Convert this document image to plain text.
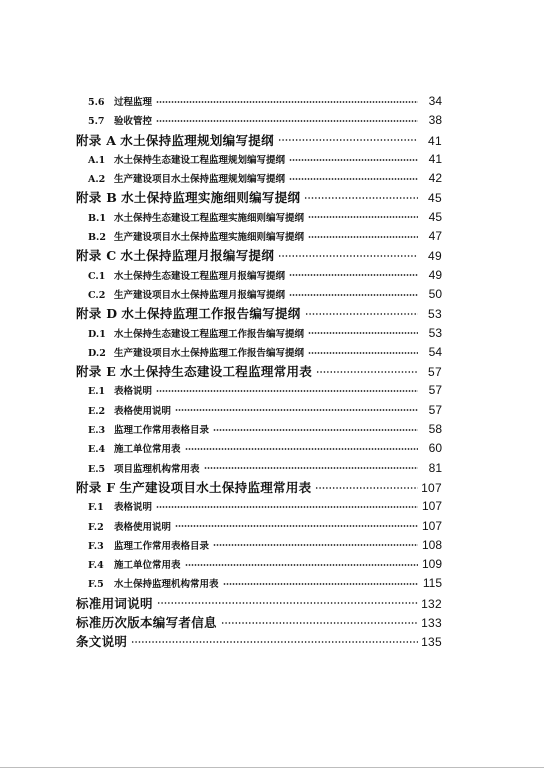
5.6 过程监理	34
5.7 验收管控	38
附录 A 水土保持监理规划编写提纲	41
A.1 水土保持生态建设工程监理规划编写提纲	41
A.2 生产建设项目水土保持监理规划编写提纲	42
附录 B 水土保持监理实施细则编写提纲	45
B.1 水土保持生态建设工程监理实施细则编写提纲	45
B.2 生产建设项目水土保持监理实施细则编写提纲	47
附录 C 水土保持监理月报编写提纲	49
C.1 水土保持生态建设工程监理月报编写提纲	49
C.2 生产建设项目水土保持监理月报编写提纲	50
附录 D 水土保持监理工作报告编写提纲	53
D.1 水土保持生态建设工程监理工作报告编写提纲	53
D.2 生产建设项目水土保持监理工作报告编写提纲	54
附录 E 水土保持生态建设工程监理常用表	57
E.1 表格说明	57
E.2 表格使用说明	57
E.3 监理工作常用表格目录	58
E.4 施工单位常用表	60
E.5 项目监理机构常用表	81
附录 F 生产建设项目水土保持监理常用表	107
F.1	表格说明	107
F.2	表格使用说明	107
F.3	监理工作常用表格目录	108
F.4	施工单位常用表	109
F.5	水土保持监理机构常用表	115
标准用词说明	132
标准历次版本编写者信息	133
条文说明	135
